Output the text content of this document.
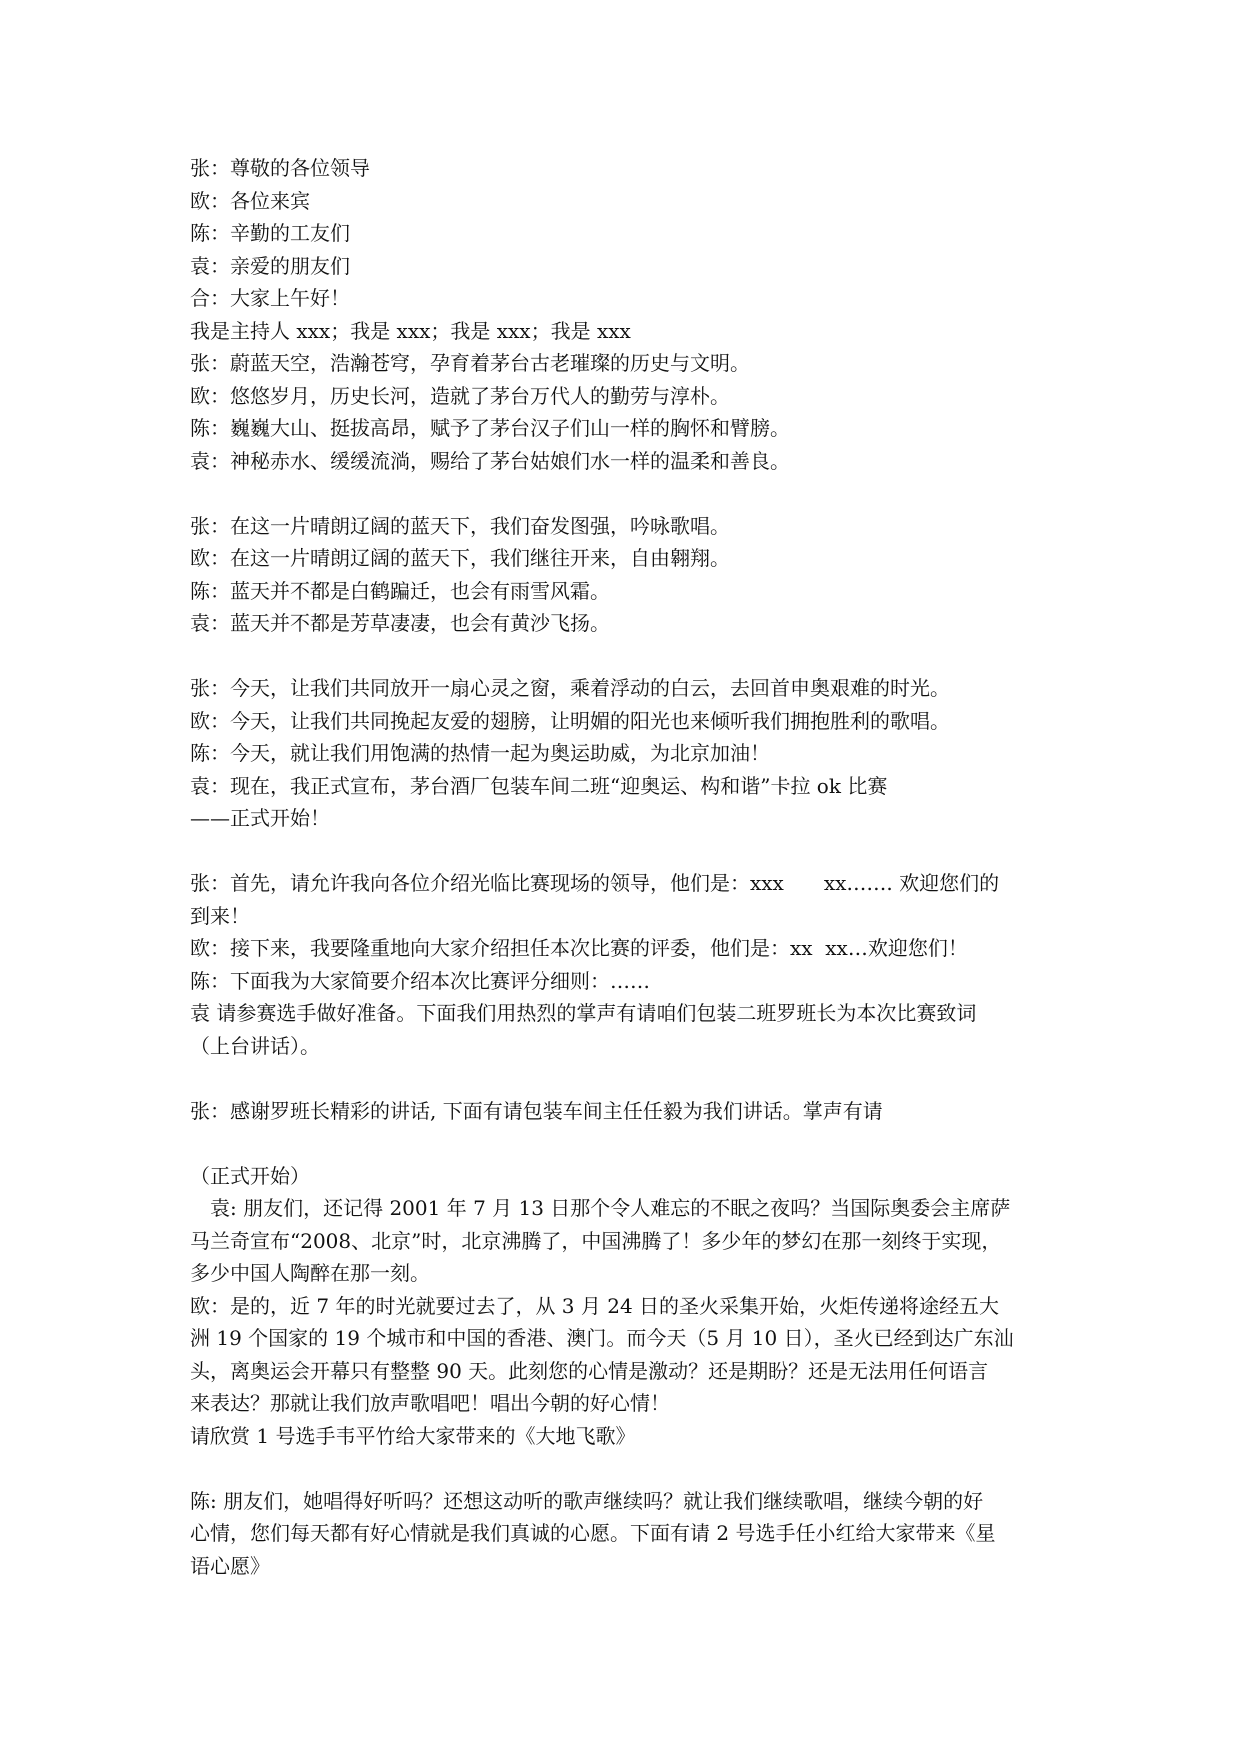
张：尊敬的各位领导
欧：各位来宾
陈：辛勤的工友们
袁：亲爱的朋友们
合：大家上午好！
我是主持人 xxx；我是 xxx；我是 xxx；我是 xxx
张：蔚蓝天空，浩瀚苍穹，孕育着茅台古老璀璨的历史与文明。
欧：悠悠岁月，历史长河，造就了茅台万代人的勤劳与淳朴。
陈：巍巍大山、挺拔高昂，赋予了茅台汉子们山一样的胸怀和臂膀。
袁：神秘赤水、缓缓流淌，赐给了茅台姑娘们水一样的温柔和善良。
张：在这一片晴朗辽阔的蓝天下，我们奋发图强，吟咏歌唱。
欧：在这一片晴朗辽阔的蓝天下，我们继往开来，自由翱翔。
陈：蓝天并不都是白鹤蹁迁，也会有雨雪风霜。
袁：蓝天并不都是芳草凄凄，也会有黄沙飞扬。
张：今天，让我们共同放开一扇心灵之窗，乘着浮动的白云，去回首申奥艰难的时光。
欧：今天，让我们共同挽起友爱的翅膀，让明媚的阳光也来倾听我们拥抱胜利的歌唱。
陈：今天，就让我们用饱满的热情一起为奥运助威，为北京加油！
袁：现在，我正式宣布，茅台酒厂包装车间二班“迎奥运、构和谐”卡拉 ok 比赛
——正式开始！
张：首先，请允许我向各位介绍光临比赛现场的领导，他们是：xxx　　xx……. 欢迎您们的
到来！
欧：接下来，我要隆重地向大家介绍担任本次比赛的评委，他们是：xx  xx…欢迎您们！
陈：下面我为大家简要介绍本次比赛评分细则：……
袁 请参赛选手做好准备。下面我们用热烈的掌声有请咱们包装二班罗班长为本次比赛致词
（上台讲话）。
张：感谢罗班长精彩的讲话, 下面有请包装车间主任任毅为我们讲话。掌声有请
（正式开始）
　袁: 朋友们，还记得 2001 年 7 月 13 日那个令人难忘的不眠之夜吗？当国际奥委会主席萨
马兰奇宣布“2008、北京”时，北京沸腾了，中国沸腾了！多少年的梦幻在那一刻终于实现，
多少中国人陶醉在那一刻。
欧：是的，近 7 年的时光就要过去了，从 3 月 24 日的圣火采集开始，火炬传递将途经五大
洲 19 个国家的 19 个城市和中国的香港、澳门。而今天（5 月 10 日），圣火已经到达广东汕
头，离奥运会开幕只有整整 90 天。此刻您的心情是激动？还是期盼？还是无法用任何语言
来表达？那就让我们放声歌唱吧！唱出今朝的好心情！
请欣赏 1 号选手韦平竹给大家带来的《大地飞歌》
陈: 朋友们，她唱得好听吗？还想这动听的歌声继续吗？就让我们继续歌唱，继续今朝的好
心情，您们每天都有好心情就是我们真诚的心愿。下面有请 2 号选手任小红给大家带来《星
语心愿》
